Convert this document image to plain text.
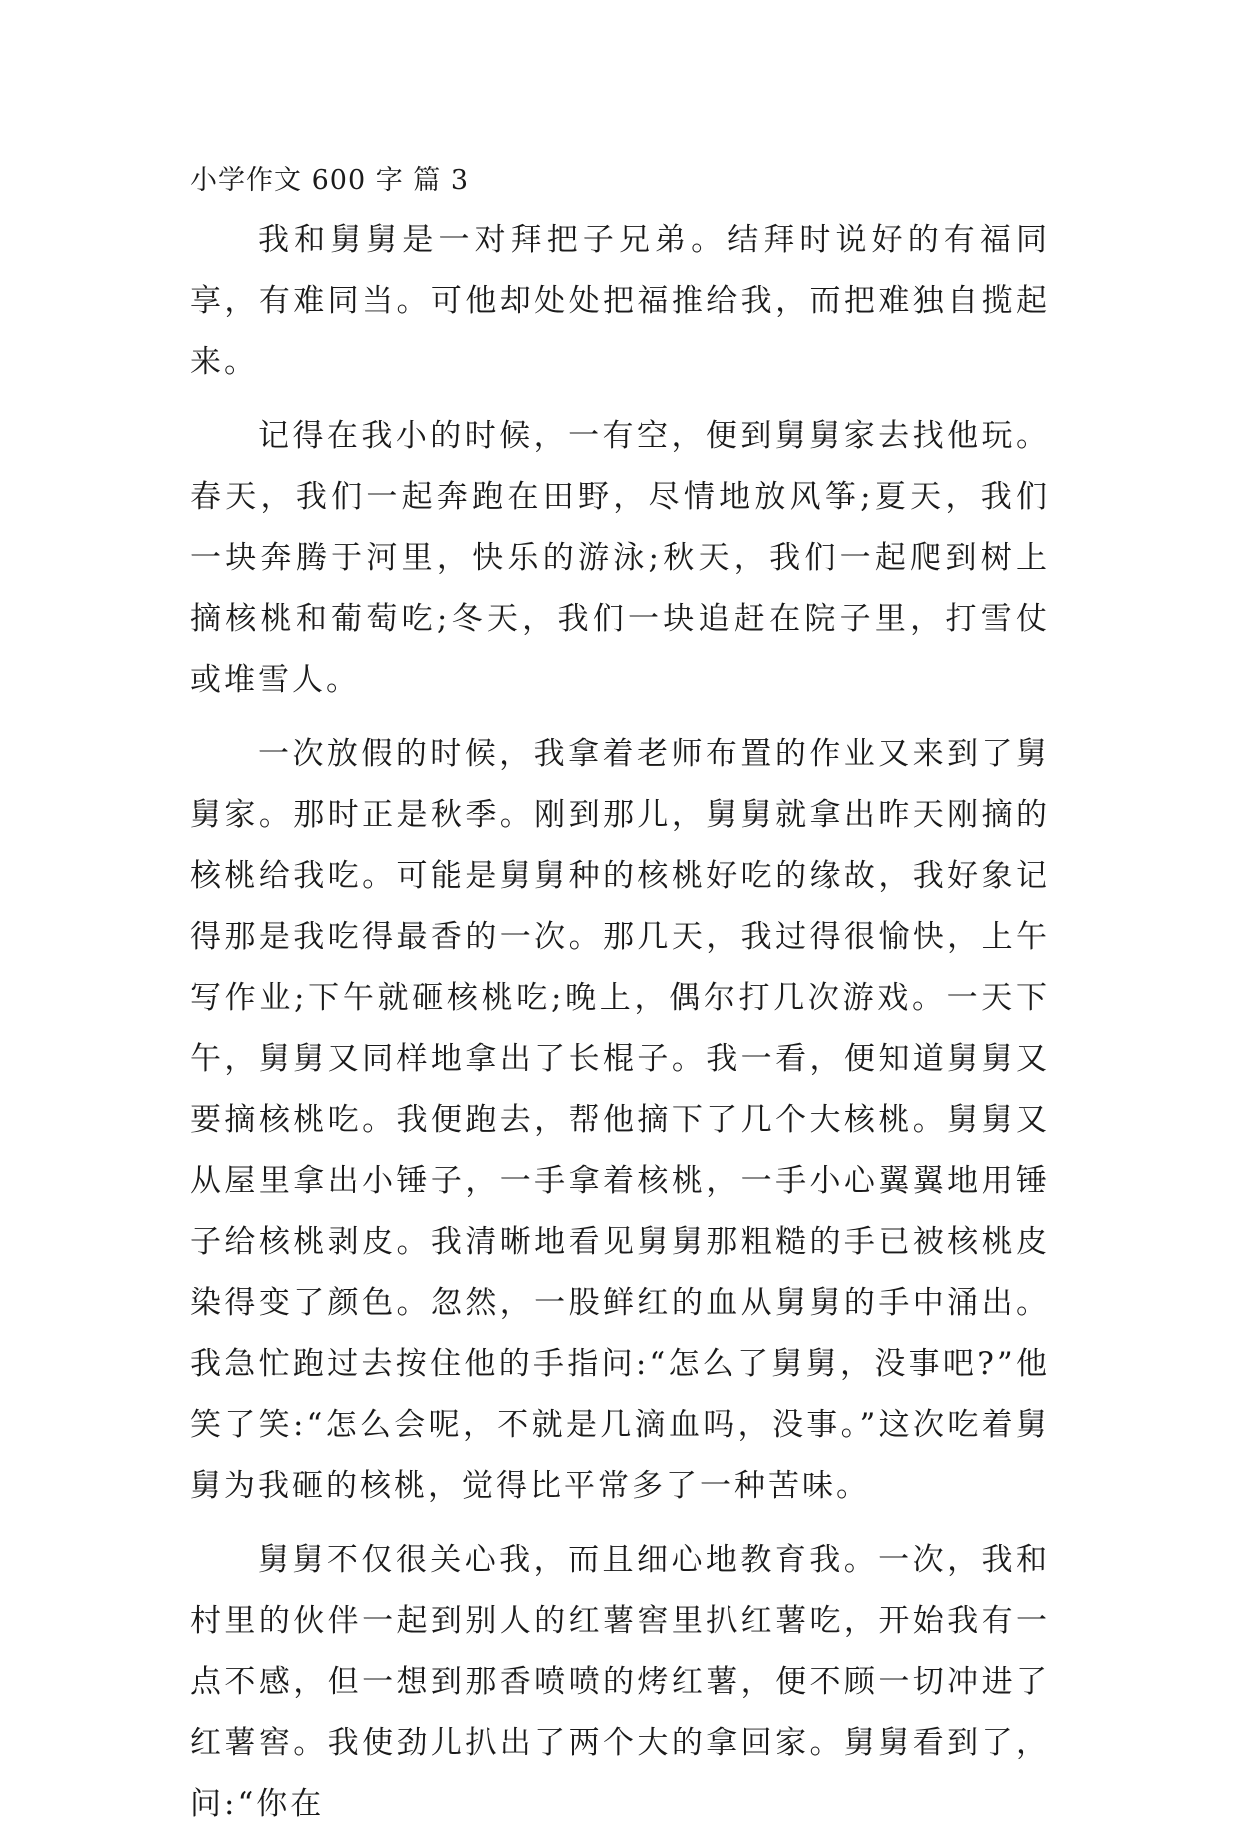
小学作文 600 字 篇 3

我和舅舅是一对拜把子兄弟。结拜时说好的有福同享，有难同当。可他却处处把福推给我，而把难独自揽起来。

记得在我小的时候，一有空，便到舅舅家去找他玩。春天，我们一起奔跑在田野，尽情地放风筝;夏天，我们一块奔腾于河里，快乐的游泳;秋天，我们一起爬到树上摘核桃和葡萄吃;冬天，我们一块追赶在院子里，打雪仗或堆雪人。

一次放假的时候，我拿着老师布置的作业又来到了舅舅家。那时正是秋季。刚到那儿，舅舅就拿出昨天刚摘的核桃给我吃。可能是舅舅种的核桃好吃的缘故，我好象记得那是我吃得最香的一次。那几天，我过得很愉快，上午写作业;下午就砸核桃吃;晚上，偶尔打几次游戏。一天下午，舅舅又同样地拿出了长棍子。我一看，便知道舅舅又要摘核桃吃。我便跑去，帮他摘下了几个大核桃。舅舅又从屋里拿出小锤子，一手拿着核桃，一手小心翼翼地用锤子给核桃剥皮。我清晰地看见舅舅那粗糙的手已被核桃皮染得变了颜色。忽然，一股鲜红的血从舅舅的手中涌出。我急忙跑过去按住他的手指问:“怎么了舅舅，没事吧?”他笑了笑:“怎么会呢，不就是几滴血吗，没事。”这次吃着舅舅为我砸的核桃，觉得比平常多了一种苦味。

舅舅不仅很关心我，而且细心地教育我。一次，我和村里的伙伴一起到别人的红薯窖里扒红薯吃，开始我有一点不感，但一想到那香喷喷的烤红薯，便不顾一切冲进了红薯窖。我使劲儿扒出了两个大的拿回家。舅舅看到了，问:“你在
